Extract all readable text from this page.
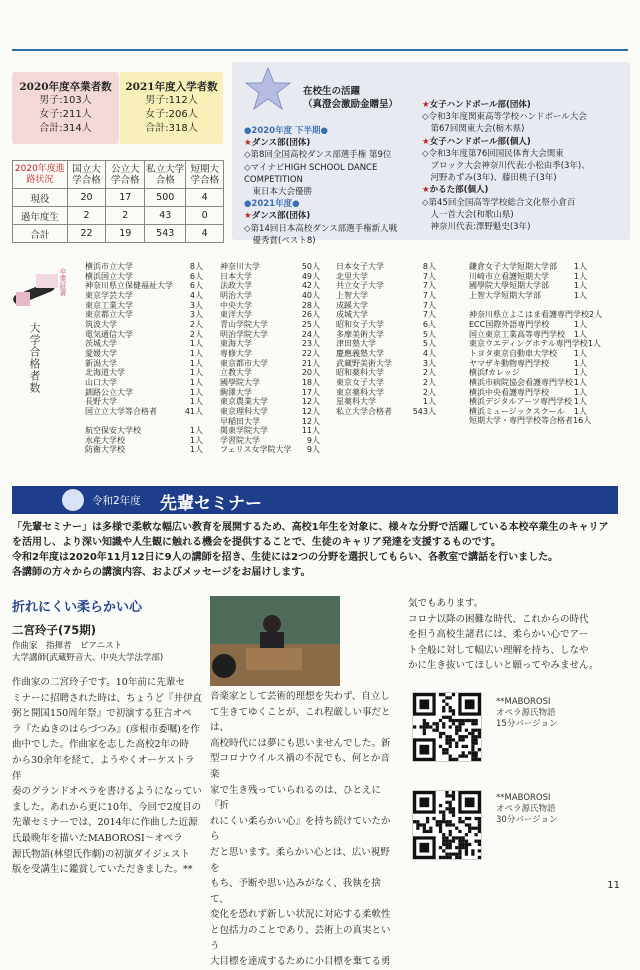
2020年度卒業者数
男子:103人
女子:211人
合計:314人
2021年度入学者数
男子:112人
女子:206人
合計:318人
2020年度進路状況	国立大学合格	公立大学合格	私立大学合格	短期大学合格
現役	20	17	500	4
過年度生	2	2	43	0
合計	22	19	543	4
在校生の活躍
（真澄会激励金贈呈）
●2020年度 下半期●
★ダンス部(団体)
◇第8回全国高校ダンス部選手権 第9位
◇マイナビHIGH SCHOOL DANCE COMPETITION
　東日本大会優勝
●2021年度●
★ダンス部(団体)
◇第14回日本高校ダンス部選手権新人戦
　優秀賞(ベスト8)
★女子ハンドボール部(団体)
◇令和3年度関東高等学校ハンドボール大会
　第67回関東大会(栃木県)
★女子ハンドボール部(個人)
◇令和3年度第76回国民体育大会関東
　ブロック大会神奈川代表:小松由季(3年)、
　河野あずみ(3年)、藤田桃子(3年)
★かるた部(個人)
◇第45回全国高等学校総合文化祭小倉百
　人一首大会(和歌山県)
　神奈川代表:澤野魁史(3年)
卒業証書
大学合格者数
横浜市立大学	8人
横浜国立大学	6人
神奈川県立保健福祉大学 6人
東京学芸大学	4人
東京工業大学	3人
東京都立大学	3人
筑波大学	2人
電気通信大学	2人
茨城大学	1人
愛媛大学	1人
新潟大学	1人
北海道大学	1人
山口大学	1人
釧路公立大学	1人
長野大学	1人
国立立大学等合格者	41人
航空保安大学校	1人
水産大学校	1人
防衛大学校	1人
神奈川大学	50人
日本大学	49人
法政大学	42人
明治大学	40人
中央大学	28人
東洋大学	26人
青山学院大学	25人
明治学院大学	24人
東海大学	23人
専修大学	22人
東京都市大学	21人
立教大学	20人
國學院大学	18人
駒澤大学	17人
東京農業大学	12人
東京理科大学	12人
早稲田大学	12人
関東学院大学	11人
学習院大学	9人
フェリス女学院大学 9人
日本女子大学	8人
北里大学	7人
共立女子大学	7人
上智大学	7人
成蹊大学	7人
成城大学	7人
昭和女子大学	6人
多摩美術大学	5人
津田塾大学	5人
慶應義塾大学	4人
武蔵野美術大学	3人
昭和薬科大学	2人
東京女子大学	2人
東京薬科大学	2人
星薬科大学	1人
私立大学合格者	543人
鎌倉女子大学短期大学部 1人
川崎市立看護短期大学	1人
國學院大學短期大学部	1人
上智大学短期大学部	1人
神奈川県立よこはま看護専門学校 2人
ECC国際外語専門学校	1人
国立東京工業高等専門学校 1人
東京ウエディングホテル専門学校 1人
トヨタ東京自動車大学校 1人
ヤマザキ動物専門学校	1人
横浜fカレッジ	1人
横浜市病院協会看護専門学校 1人
横浜中央看護専門学校	1人
横浜デジタルアーツ専門学校 1人
横浜ミュージックスクール 1人
短期大学・専門学校等合格者 16人
令和2年度 先輩セミナー
「先輩セミナー」は多様で柔軟な幅広い教育を展開するため、高校1年生を対象に、様々な分野で活躍している本校卒業生のキャリア
を活用し、より深い知識や人生観に触れる機会を提供することで、生徒のキャリア発達を支援するものです。
令和2年度は2020年11月12日に9人の講師を招き、生徒には2つの分野を選択してもらい、各教室で講話を行いました。
各講師の方々からの講演内容、およびメッセージをお届けします。
折れにくい柔らかい心
二宮玲子(75期)
作曲家　指揮者　ピアニスト
大学講師(武蔵野音大、中央大学法学部)
作曲家の二宮玲子です。10年前に先輩セ
ミナーに招聘された時は、ちょうど『井伊直
弼と開国150周年祭』で初演する狂言オペ
ラ『たぬきのはらづつみ』(彦根市委嘱)を作
曲中でした。作曲家を志した高校2年の時
から30余年を経て、ようやくオーケストラ伴
奏のグランドオペラを書けるようになってい
ました。あれから更に10年、今回で2度目の
先輩セミナーでは、2014年に作曲した近源
氏最晩年を描いたMABOROSI〜オペラ
源氏物語(林望氏作劇)の初演ダイジェスト
版を受講生に鑑賞していただきました。**
音楽家として芸術的理想を失わず、自立し
て生きてゆくことが、これ程厳しい事だとは、
高校時代には夢にも思いませんでした。新
型コロナウイルス禍の不況でも、何とか音楽
家で生き残っていられるのは、ひとえに『折
れにくい柔らかい心』を持ち続けていたから
だと思います。柔らかい心とは、広い視野を
もち、予断や思い込みがなく、我執を捨て、
変化を恐れず新しい状況に対応する柔軟性
と包括力のことであり、芸術上の真実という
大目標を達成するために小目標を棄てる勇
気でもあります。
コロナ以降の困難な時代、これからの時代
を担う高校生諸君には、柔らかい心でアー
ト全般に対して幅広い理解を持ち、しなや
かに生き抜いてほしいと願ってやみません。
**MABOROSI
オペラ源氏物語
15分バージョン
**MABOROSI
オペラ源氏物語
30分バージョン
11
